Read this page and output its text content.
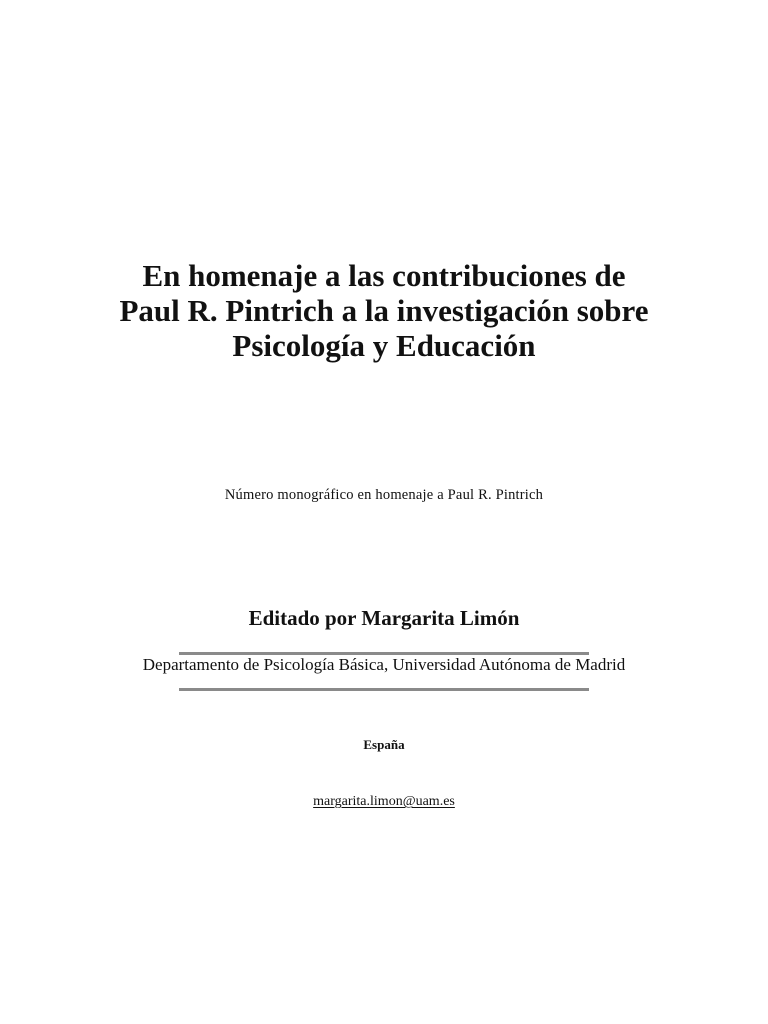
En homenaje a las contribuciones de
Paul R. Pintrich a la investigación sobre
Psicología y Educación
Número monográfico en homenaje a Paul R. Pintrich
Editado por Margarita Limón
Departamento de Psicología Básica, Universidad Autónoma de Madrid
España
margarita.limon@uam.es
